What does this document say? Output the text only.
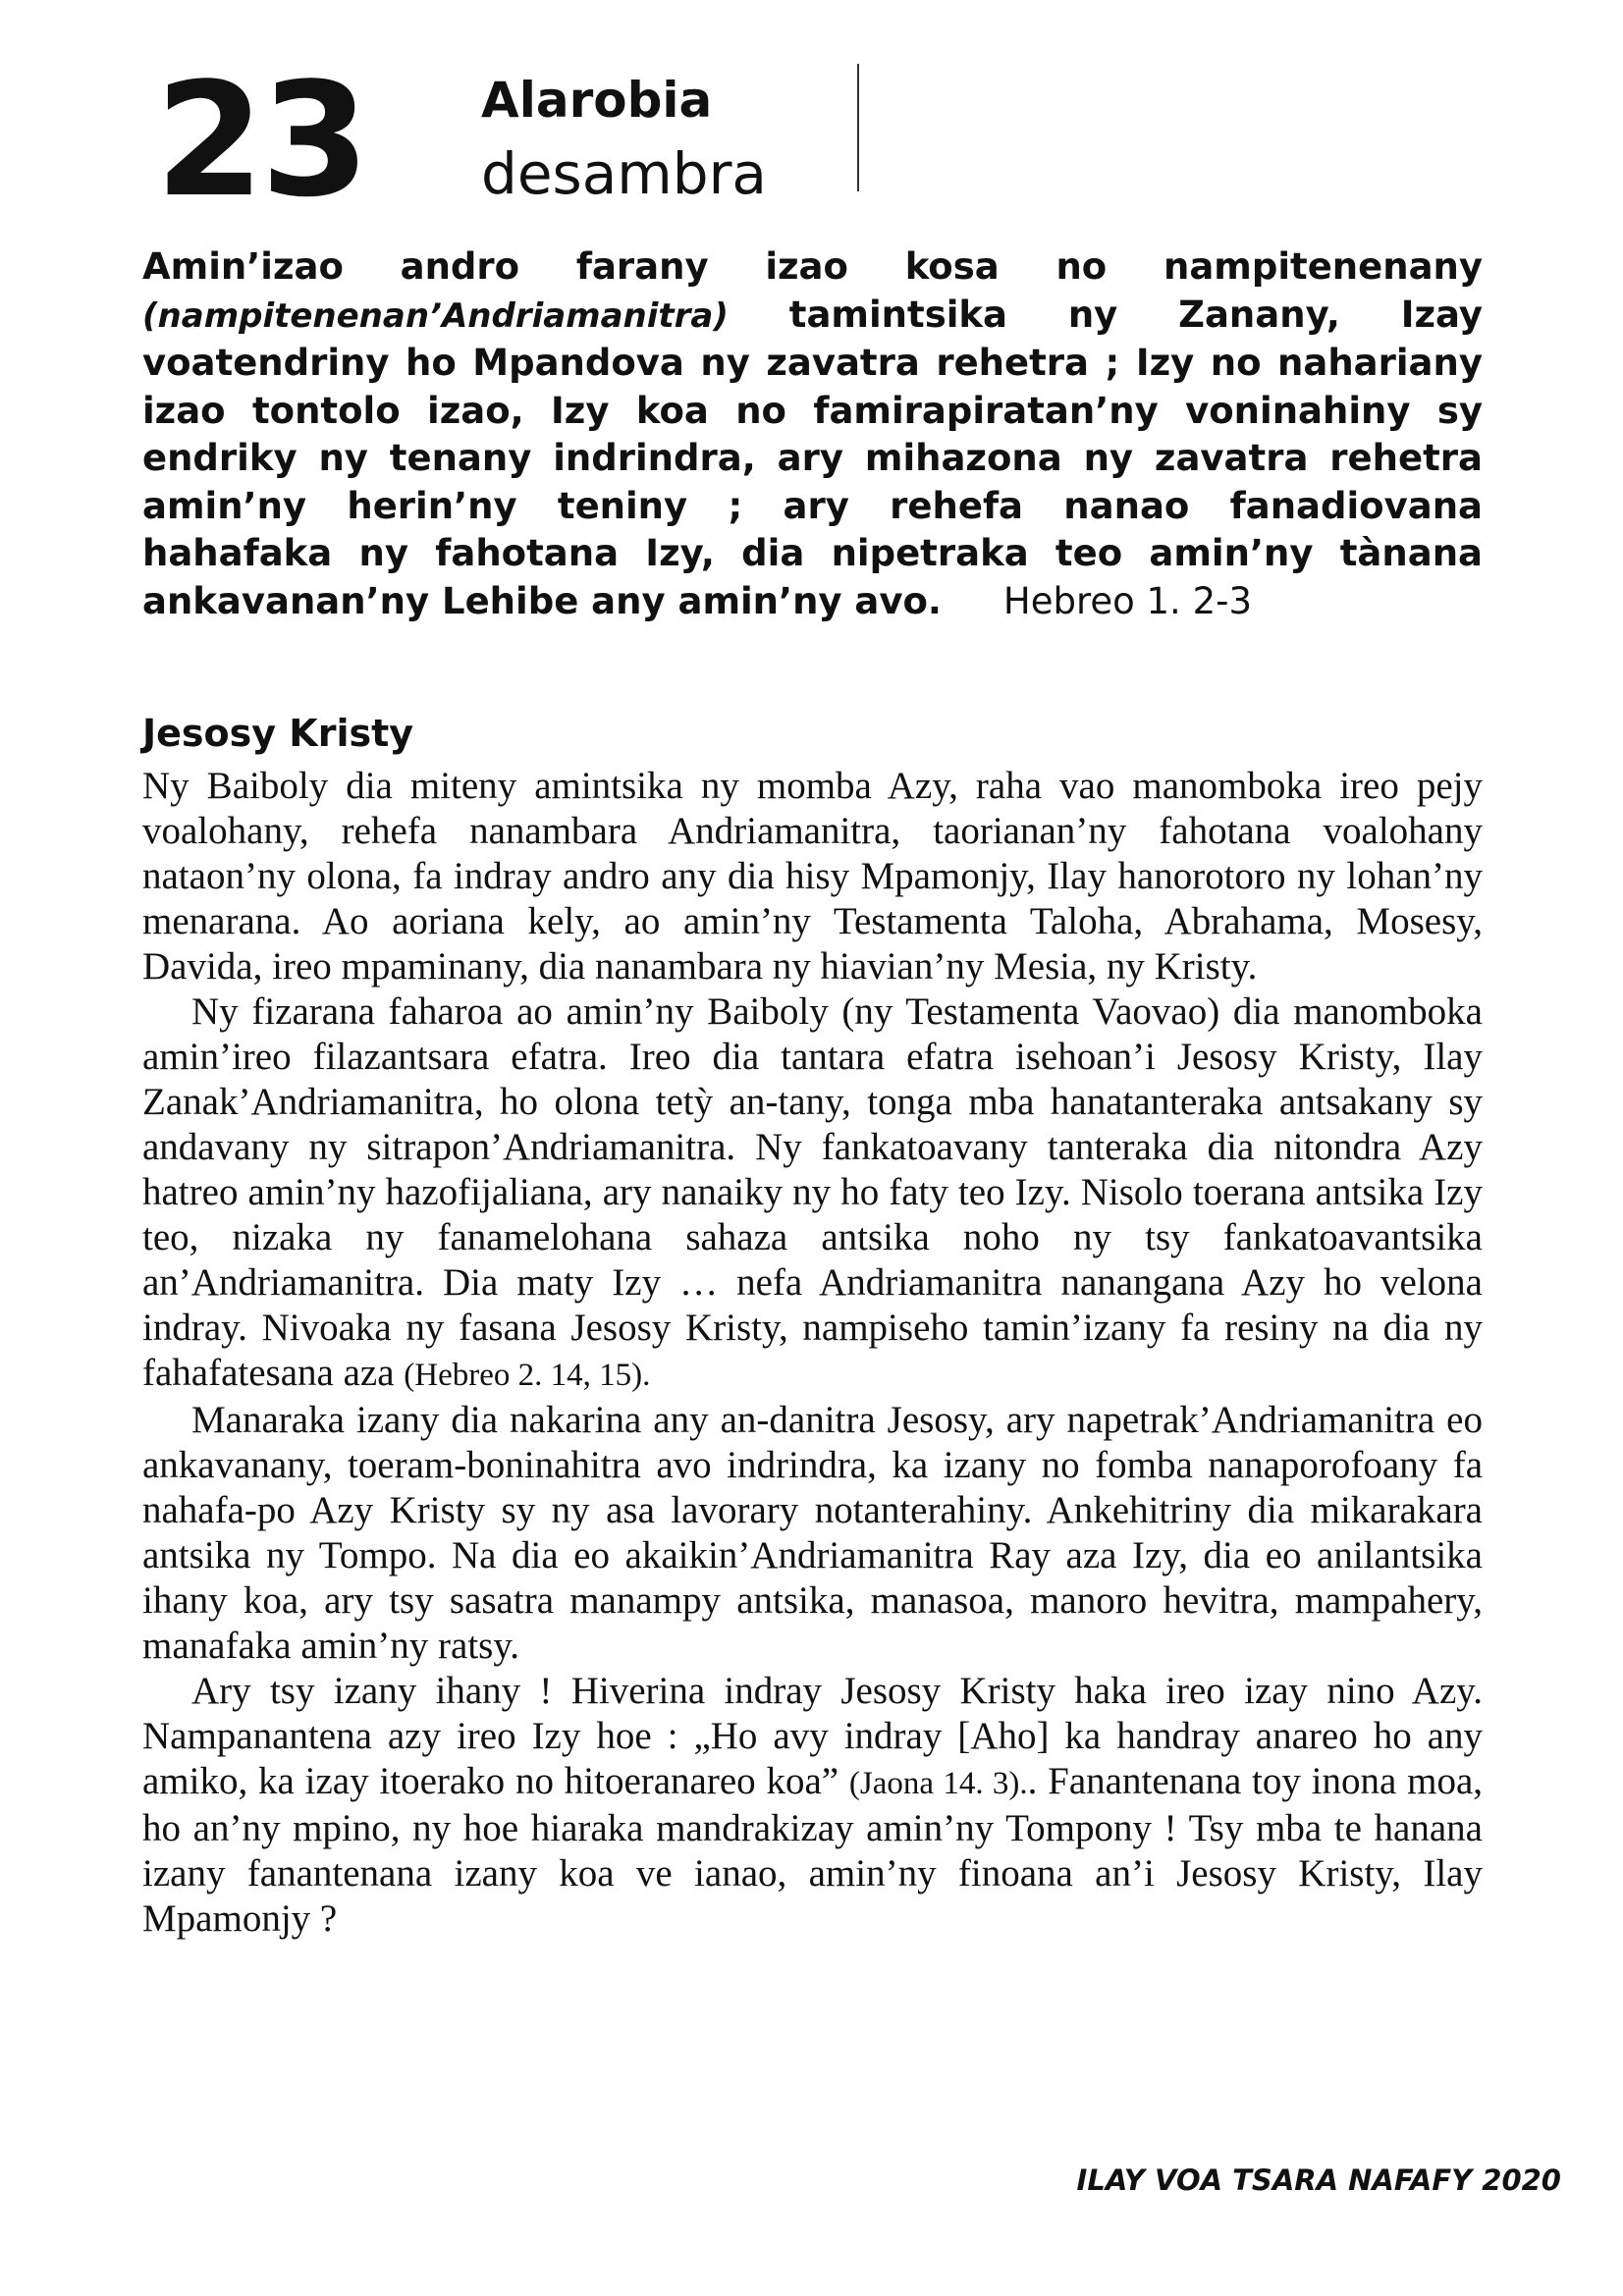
23 Alarobia
desambra
Amin’izao andro farany izao kosa no nampitenenany (nampitenenan’Andriamanitra) tamintsika ny Zanany, Izay voatendriny ho Mpandova ny zavatra rehetra ; Izy no nahariany izao tontolo izao, Izy koa no famirapiratan’ny voninahiny sy endriky ny tenany indrindra, ary mihazona ny zavatra rehetra amin’ny herin’ny teniny ; ary rehefa nanao fanadiovana hahafaka ny fahotana Izy, dia nipetraka teo amin’ny tànana ankavanan’ny Lehibe any amin’ny avo. Hebreo 1. 2-3
Jesosy Kristy

Ny Baiboly dia miteny amintsika ny momba Azy, raha vao manomboka ireo pejy voalohany, rehefa nanambara Andriamanitra, taorianan’ny fahotana voalohany nataon’ny olona, fa indray andro any dia hisy Mpamonjy, Ilay hanorotoro ny lohan’ny menarana. Ao aoriana kely, ao amin’ny Testamenta Taloha, Abrahama, Mosesy, Davida, ireo mpaminany, dia nanambara ny hiavian’ny Mesia, ny Kristy.

Ny fizarana faharoa ao amin’ny Baiboly (ny Testamenta Vaovao) dia manomboka amin’ireo filazantsara efatra. Ireo dia tantara efatra isehoan’i Jesosy Kristy, Ilay Zanak’Andriamanitra, ho olona tetỳ an-tany, tonga mba hanatanteraka antsakany sy andavany ny sitrapon’Andriamanitra. Ny fankatoavany tanteraka dia nitondra Azy hatreo amin’ny hazofijaliana, ary nanaiky ny ho faty teo Izy. Nisolo toerana antsika Izy teo, nizaka ny fanamelohana sahaza antsika noho ny tsy fankatoavantsika an’Andriamanitra. Dia maty Izy … nefa Andriamanitra nanangana Azy ho velona indray. Nivoaka ny fasana Jesosy Kristy, nampiseho tamin’izany fa resiny na dia ny fahafatesana aza (Hebreo 2. 14, 15).

Manaraka izany dia nakarina any an-danitra Jesosy, ary napetrak’Andriamanitra eo ankavanany, toeram-boninahitra avo indrindra, ka izany no fomba nanaporofoany fa nahafa-po Azy Kristy sy ny asa lavorary notanterahiny. Ankehitriny dia mikarakara antsika ny Tompo. Na dia eo akaikin’Andriamanitra Ray aza Izy, dia eo anilantsika ihany koa, ary tsy sasatra manampy antsika, manasoa, manoro hevitra, mampahery, manafaka amin’ny ratsy.

Ary tsy izany ihany ! Hiverina indray Jesosy Kristy haka ireo izay nino Azy. Nampanantena azy ireo Izy hoe : „Ho avy indray [Aho] ka handray anareo ho any amiko, ka izay itoerako no hitoeranareo koa” (Jaona 14. 3).. Fanantenana toy inona moa, ho an’ny mpino, ny hoe hiaraka mandrakizay amin’ny Tompony ! Tsy mba te hanana izany fanantenana izany koa ve ianao, amin’ny finoana an’i Jesosy Kristy, Ilay Mpamonjy ?

ILAY VOA TSARA NAFAFY 2020
